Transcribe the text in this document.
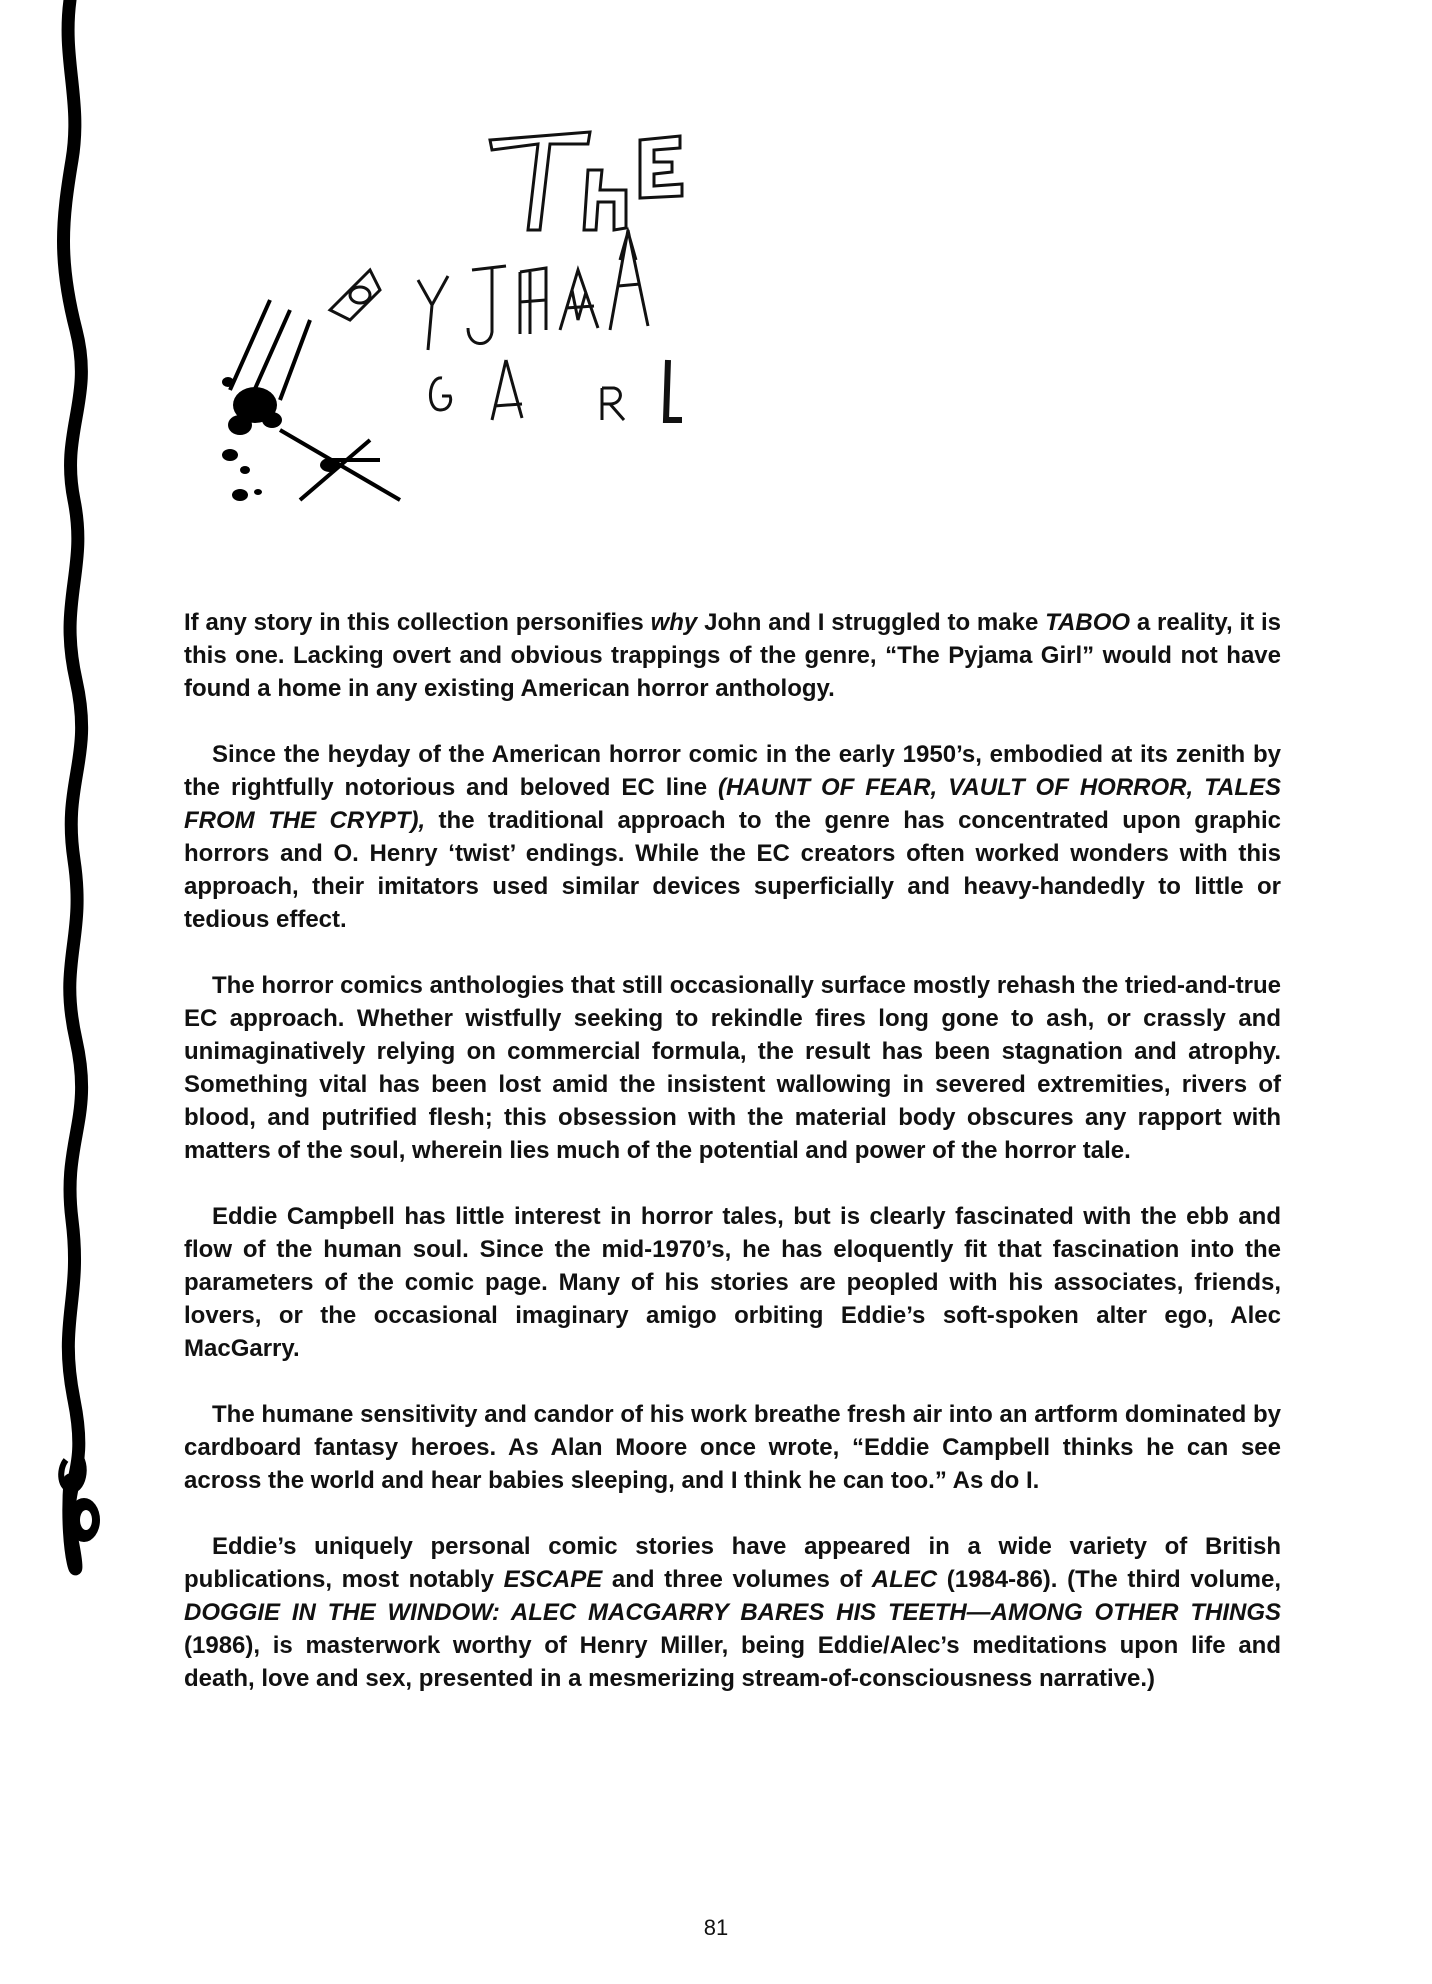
If any story in this collection personifies why John and I struggled to make TABOO a reality, it is this one. Lacking overt and obvious trappings of the genre, “The Pyjama Girl” would not have found a home in any existing American horror anthology.

Since the heyday of the American horror comic in the early 1950’s, embodied at its zenith by the rightfully notorious and beloved EC line (HAUNT OF FEAR, VAULT OF HORROR, TALES FROM THE CRYPT), the traditional approach to the genre has concentrated upon graphic horrors and O. Henry ‘twist’ endings. While the EC creators often worked wonders with this approach, their imitators used similar devices superficially and heavy-handedly to little or tedious effect.

The horror comics anthologies that still occasionally surface mostly rehash the tried-and-true EC approach. Whether wistfully seeking to rekindle fires long gone to ash, or crassly and unimaginatively relying on commercial formula, the result has been stagnation and atrophy. Something vital has been lost amid the insistent wallowing in severed extremities, rivers of blood, and putrified flesh; this obsession with the material body obscures any rapport with matters of the soul, wherein lies much of the potential and power of the horror tale.

Eddie Campbell has little interest in horror tales, but is clearly fascinated with the ebb and flow of the human soul. Since the mid-1970’s, he has eloquently fit that fascination into the parameters of the comic page. Many of his stories are peopled with his associates, friends, lovers, or the occasional imaginary amigo orbiting Eddie’s soft-spoken alter ego, Alec MacGarry.

The humane sensitivity and candor of his work breathe fresh air into an artform dominated by cardboard fantasy heroes. As Alan Moore once wrote, “Eddie Campbell thinks he can see across the world and hear babies sleeping, and I think he can too.” As do I.

Eddie’s uniquely personal comic stories have appeared in a wide variety of British publications, most notably ESCAPE and three volumes of ALEC (1984-86). (The third volume, DOGGIE IN THE WINDOW: ALEC MACGARRY BARES HIS TEETH—AMONG OTHER THINGS (1986), is masterwork worthy of Henry Miller, being Eddie/Alec’s meditations upon life and death, love and sex, presented in a mesmerizing stream-of-consciousness narrative.)

81
